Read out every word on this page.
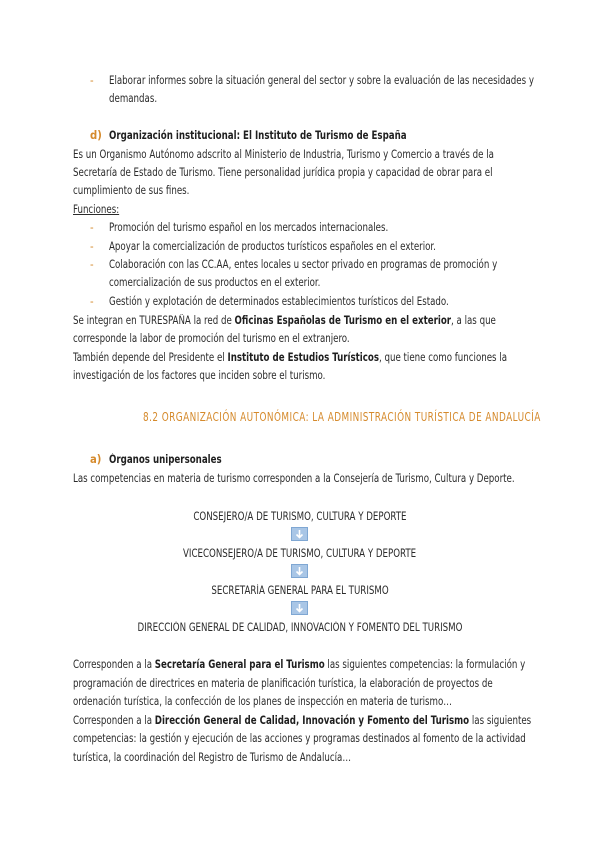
- Elaborar informes sobre la situación general del sector y sobre la evaluación de las necesidades y
demandas.
d) Organización institucional: El Instituto de Turismo de España
Es un Organismo Autónomo adscrito al Ministerio de Industria, Turismo y Comercio a través de la
Secretaría de Estado de Turismo. Tiene personalidad jurídica propia y capacidad de obrar para el
cumplimiento de sus fines.
Funciones:
- Promoción del turismo español en los mercados internacionales.
- Apoyar la comercialización de productos turísticos españoles en el exterior.
- Colaboración con las CC.AA, entes locales u sector privado en programas de promoción y
comercialización de sus productos en el exterior.
- Gestión y explotación de determinados establecimientos turísticos del Estado.
Se integran en TURESPAÑA la red de Oficinas Españolas de Turismo en el exterior, a las que
corresponde la labor de promoción del turismo en el extranjero.
También depende del Presidente el Instituto de Estudios Turísticos, que tiene como funciones la
investigación de los factores que inciden sobre el turismo.
8.2 ORGANIZACIÓN AUTONÓMICA: LA ADMINISTRACIÓN TURÍSTICA DE ANDALUCÍA
a) Órganos unipersonales
Las competencias en materia de turismo corresponden a la Consejería de Turismo, Cultura y Deporte.
CONSEJERO/A DE TURISMO, CULTURA Y DEPORTE
VICECONSEJERO/A DE TURISMO, CULTURA Y DEPORTE
SECRETARÍA GENERAL PARA EL TURISMO
DIRECCIÓN GENERAL DE CALIDAD, INNOVACIÓN Y FOMENTO DEL TURISMO
Corresponden a la Secretaría General para el Turismo las siguientes competencias: la formulación y
programación de directrices en materia de planificación turística, la elaboración de proyectos de
ordenación turística, la confección de los planes de inspección en materia de turismo…
Corresponden a la Dirección General de Calidad, Innovación y Fomento del Turismo las siguientes
competencias: la gestión y ejecución de las acciones y programas destinados al fomento de la actividad
turística, la coordinación del Registro de Turismo de Andalucía…
